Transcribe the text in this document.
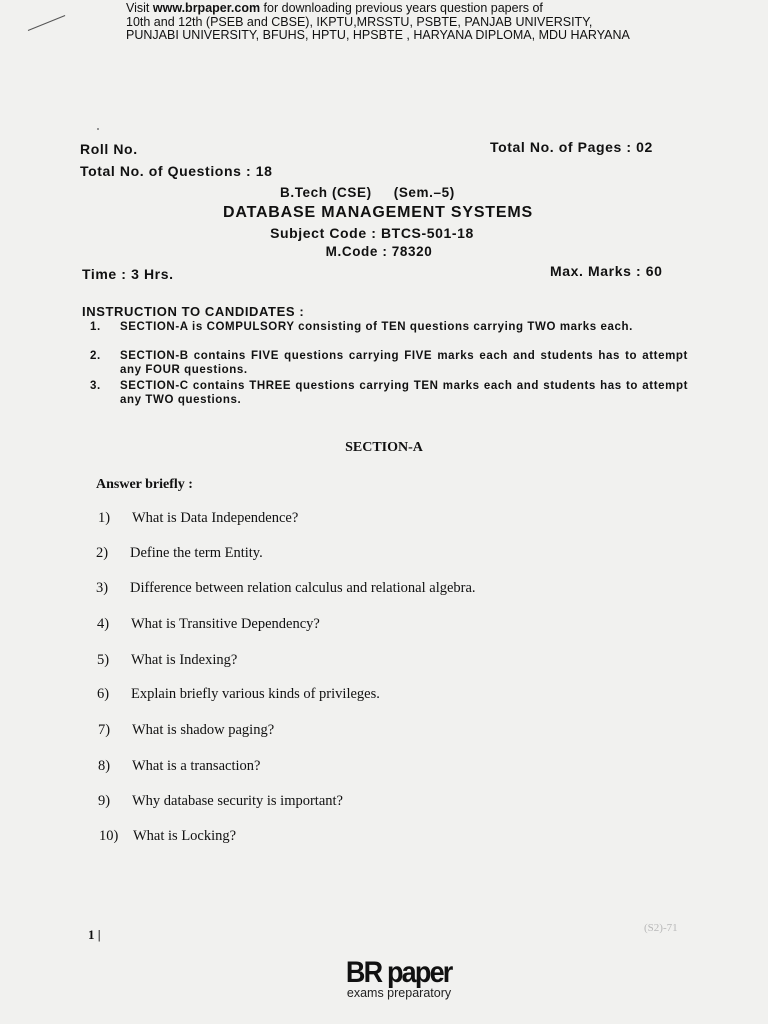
Visit www.brpaper.com for downloading previous years question papers of
10th and 12th (PSEB and CBSE), IKPTU,MRSSTU, PSBTE, PANJAB UNIVERSITY,
PUNJABI UNIVERSITY, BFUHS, HPTU, HPSBTE , HARYANA DIPLOMA, MDU HARYANA
Roll No.	Total No. of Pages : 02
Total No. of Questions : 18
B.Tech (CSE) (Sem.–5)
DATABASE MANAGEMENT SYSTEMS
Subject Code : BTCS-501-18
M.Code : 78320
Time : 3 Hrs.	Max. Marks : 60
INSTRUCTION TO CANDIDATES :
1. SECTION-A is COMPULSORY consisting of TEN questions carrying TWO marks each.
2. SECTION-B contains FIVE questions carrying FIVE marks each and students has to attempt any FOUR questions.
3. SECTION-C contains THREE questions carrying TEN marks each and students has to attempt any TWO questions.
SECTION-A
Answer briefly :
1)	What is Data Independence?
2)	Define the term Entity.
3)	Difference between relation calculus and relational algebra.
4)	What is Transitive Dependency?
5)	What is Indexing?
6)	Explain briefly various kinds of privileges.
7)	What is shadow paging?
8)	What is a transaction?
9)	Why database security is important?
10)	What is Locking?
1 |	(S2)-71
BR paper
exams preparatory
